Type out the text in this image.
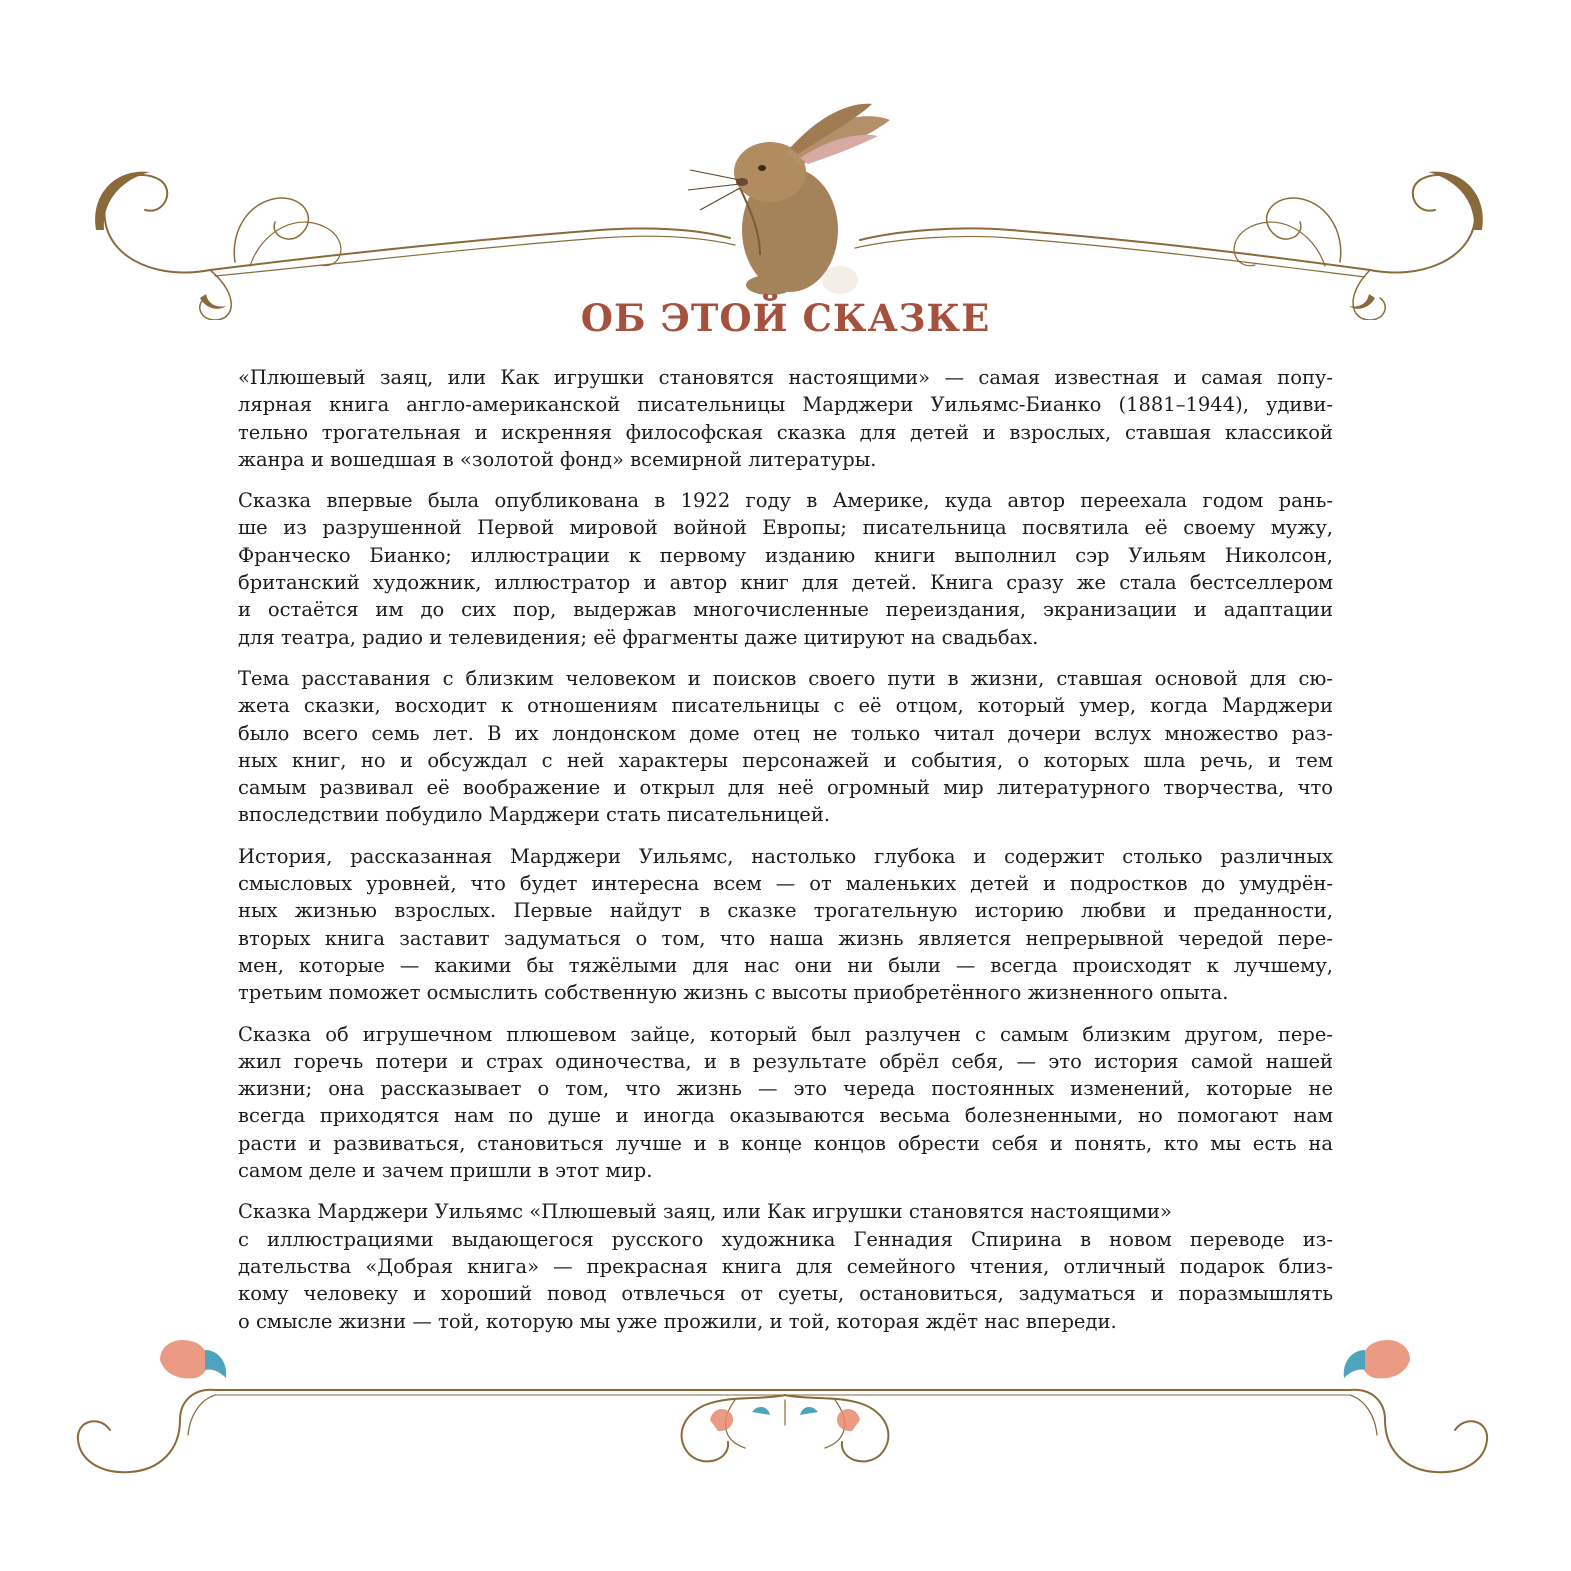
ОБ ЭТОЙ СКАЗКЕ

«Плюшевый заяц, или Как игрушки становятся настоящими» — самая известная и самая попу-
лярная книга англо-американской писательницы Марджери Уильямс-Бианко (1881–1944), удиви-
тельно трогательная и искренняя философская сказка для детей и взрослых, ставшая классикой
жанра и вошедшая в «золотой фонд» всемирной литературы.

Сказка впервые была опубликована в 1922 году в Америке, куда автор переехала годом рань-
ше из разрушенной Первой мировой войной Европы; писательница посвятила её своему мужу,
Франческо Бианко; иллюстрации к первому изданию книги выполнил сэр Уильям Николсон,
британский художник, иллюстратор и автор книг для детей. Книга сразу же стала бестселлером
и остаётся им до сих пор, выдержав многочисленные переиздания, экранизации и адаптации
для театра, радио и телевидения; её фрагменты даже цитируют на свадьбах.

Тема расставания с близким человеком и поисков своего пути в жизни, ставшая основой для сю-
жета сказки, восходит к отношениям писательницы с её отцом, который умер, когда Марджери
было всего семь лет. В их лондонском доме отец не только читал дочери вслух множество раз-
ных книг, но и обсуждал с ней характеры персонажей и события, о которых шла речь, и тем
самым развивал её воображение и открыл для неё огромный мир литературного творчества, что
впоследствии побудило Марджери стать писательницей.

История, рассказанная Марджери Уильямс, настолько глубока и содержит столько различных
смысловых уровней, что будет интересна всем — от маленьких детей и подростков до умудрён-
ных жизнью взрослых. Первые найдут в сказке трогательную историю любви и преданности,
вторых книга заставит задуматься о том, что наша жизнь является непрерывной чередой пере-
мен, которые — какими бы тяжёлыми для нас они ни были — всегда происходят к лучшему,
третьим поможет осмыслить собственную жизнь с высоты приобретённого жизненного опыта.

Сказка об игрушечном плюшевом зайце, который был разлучен с самым близким другом, пере-
жил горечь потери и страх одиночества, и в результате обрёл себя, — это история самой нашей
жизни; она рассказывает о том, что жизнь — это череда постоянных изменений, которые не
всегда приходятся нам по душе и иногда оказываются весьма болезненными, но помогают нам
расти и развиваться, становиться лучше и в конце концов обрести себя и понять, кто мы есть на
самом деле и зачем пришли в этот мир.

Сказка Марджери Уильямс «Плюшевый заяц, или Как игрушки становятся настоящими»
с иллюстрациями выдающегося русского художника Геннадия Спирина в новом переводе из-
дательства «Добрая книга» — прекрасная книга для семейного чтения, отличный подарок близ-
кому человеку и хороший повод отвлечься от суеты, остановиться, задуматься и поразмышлять
о смысле жизни — той, которую мы уже прожили, и той, которая ждёт нас впереди.
